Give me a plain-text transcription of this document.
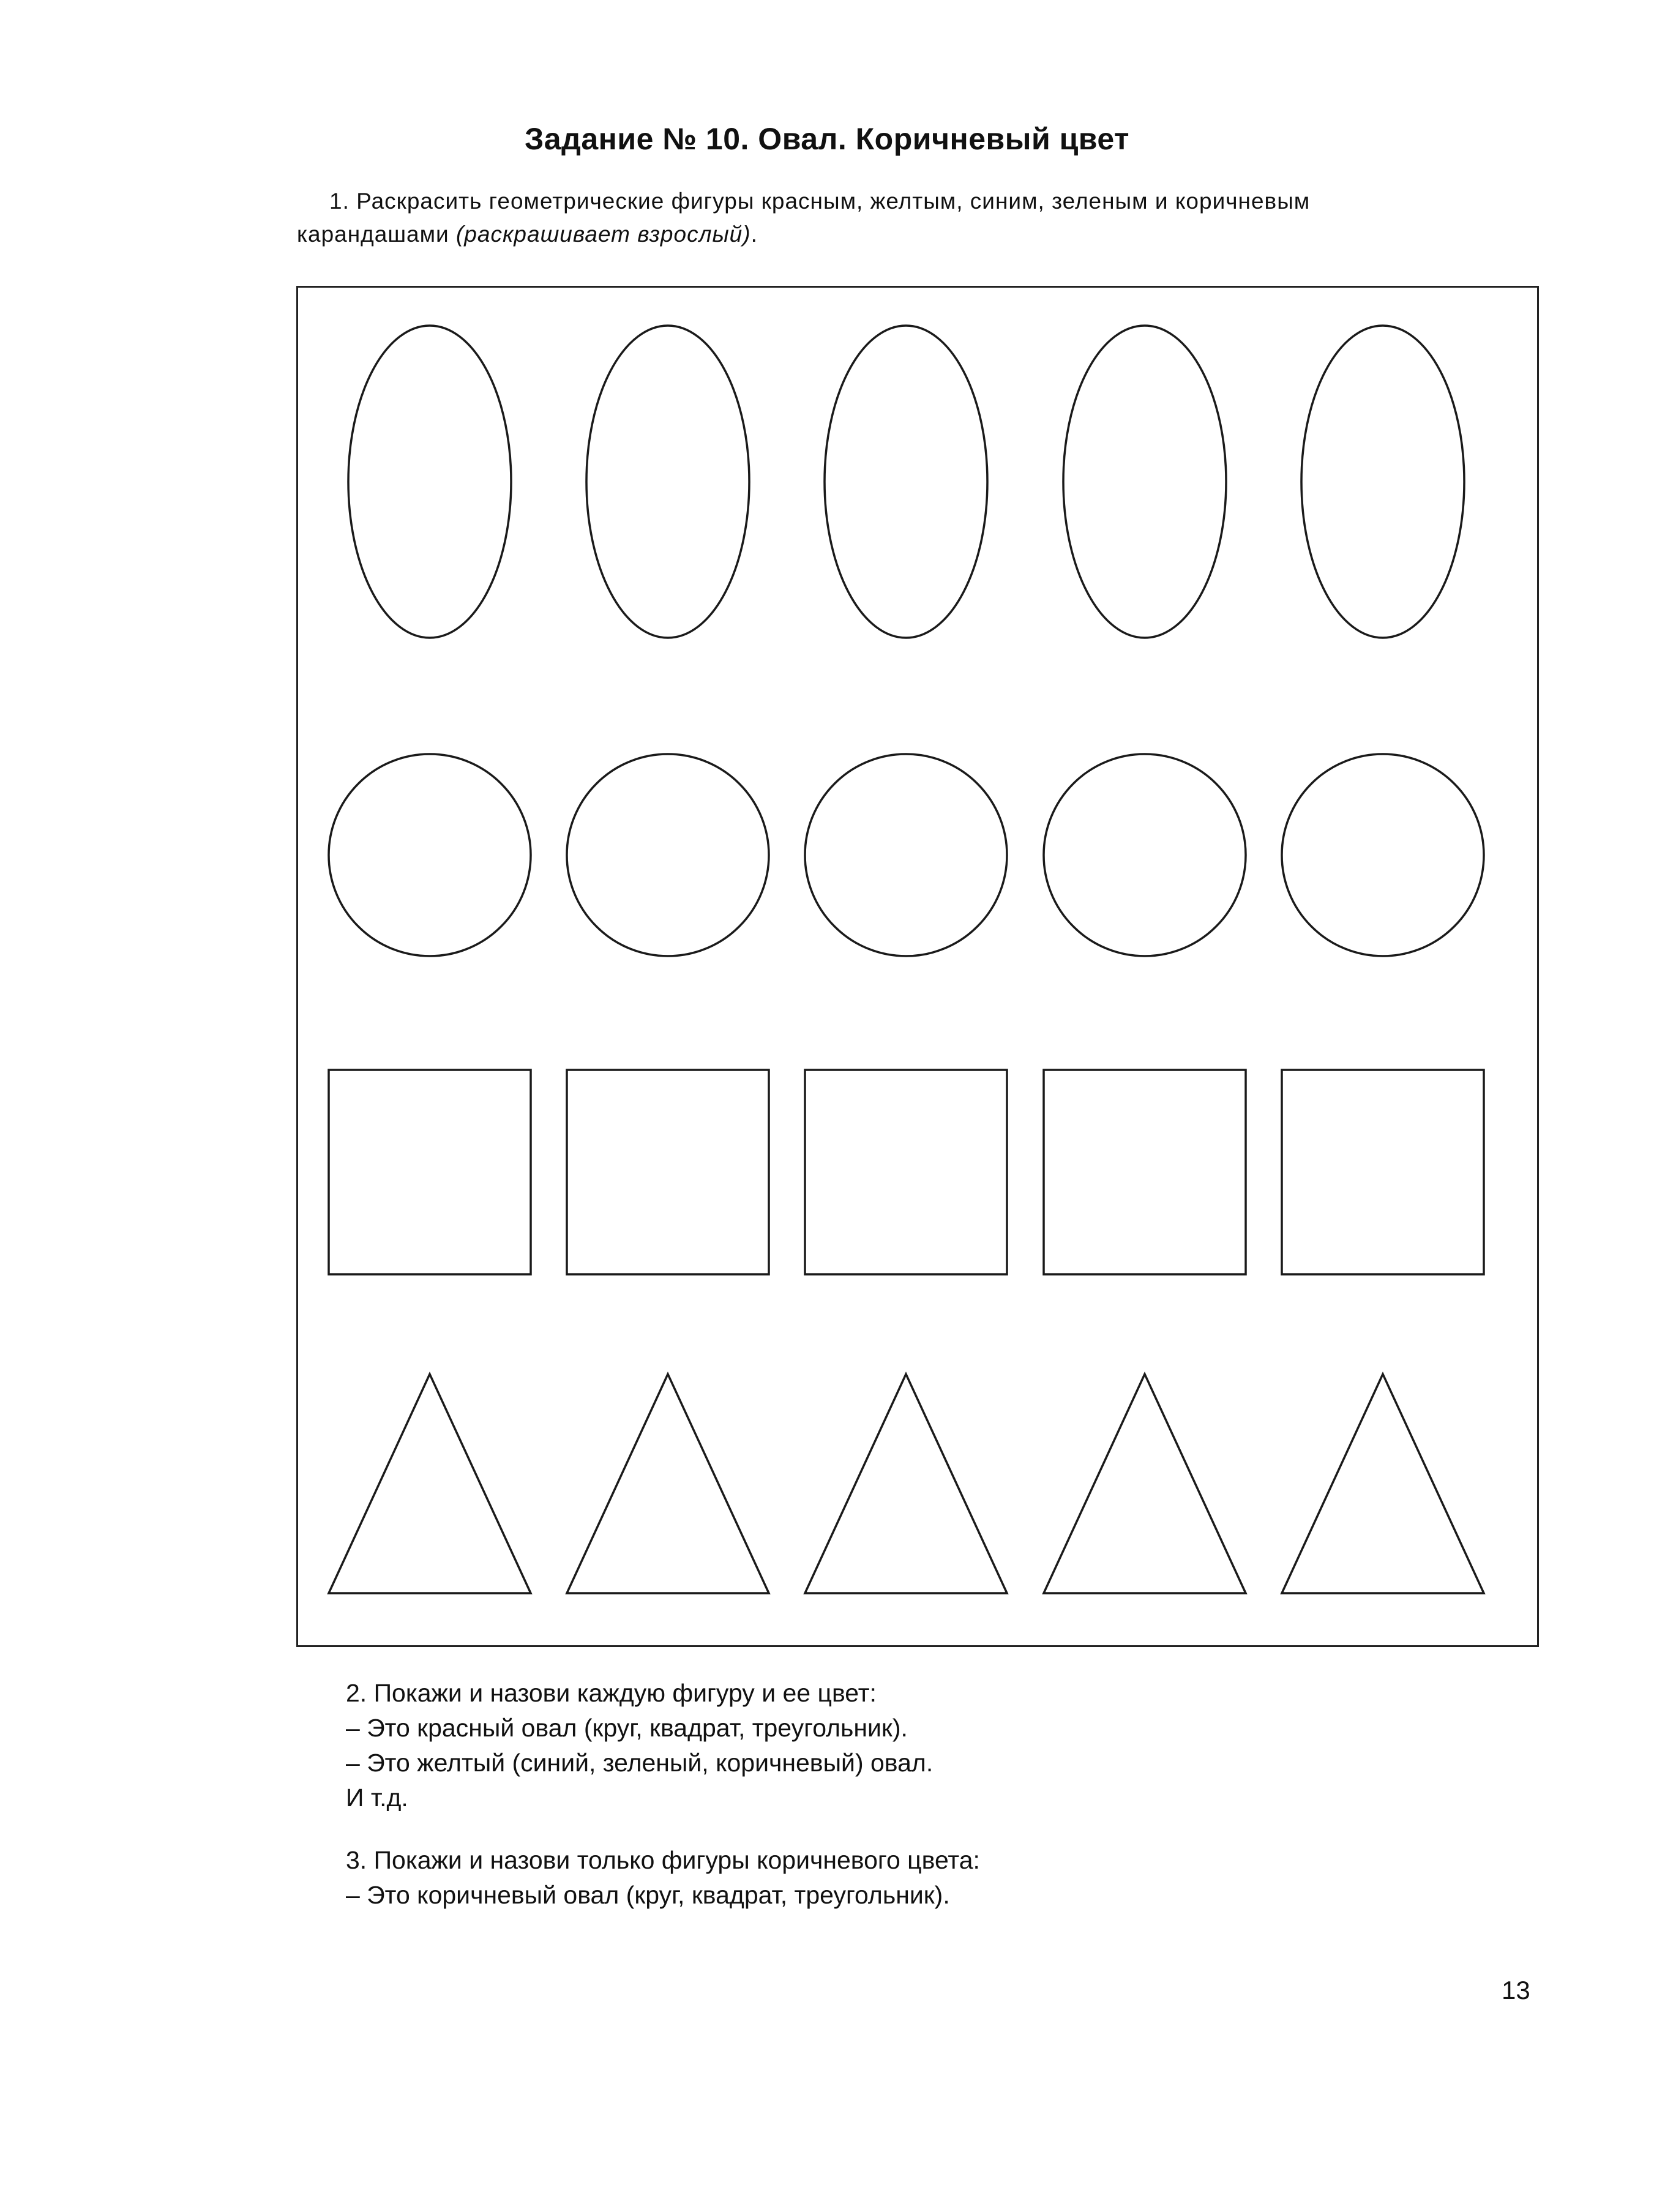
Задание № 10. Овал. Коричневый цвет
1. Раскрасить геометрические фигуры красным, желтым, синим, зеленым и коричневым
карандашами (раскрашивает взрослый).
2. Покажи и назови каждую фигуру и ее цвет:
– Это красный овал (круг, квадрат, треугольник).
– Это желтый (синий, зеленый, коричневый) овал.
И т.д.
3. Покажи и назови только фигуры коричневого цвета:
– Это коричневый овал (круг, квадрат, треугольник).
13
